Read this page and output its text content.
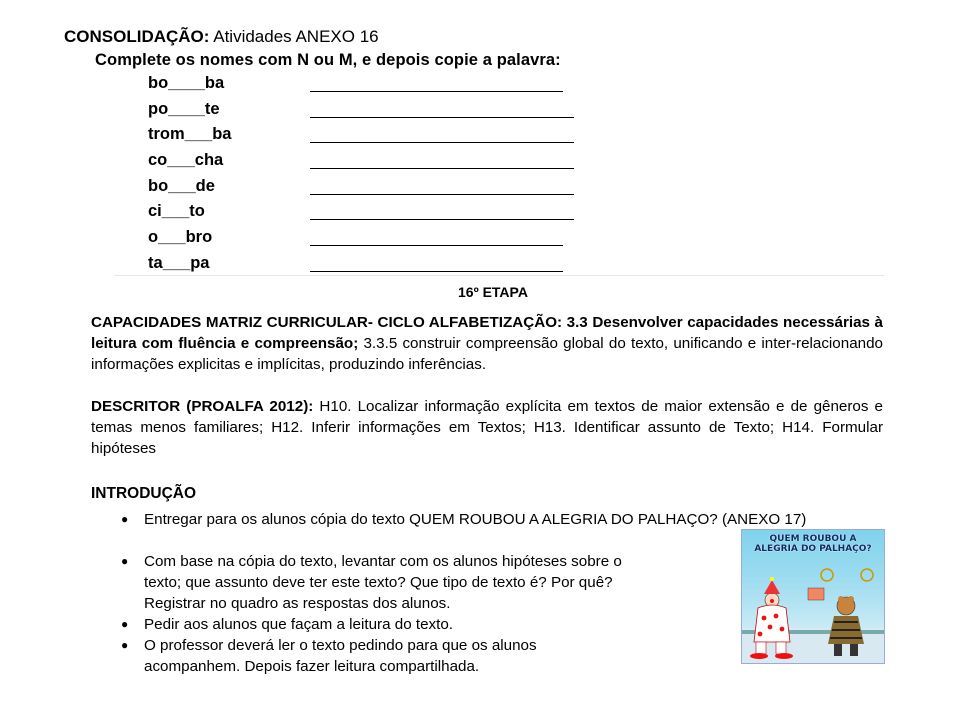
CONSOLIDAÇÃO: Atividades ANEXO 16
Complete os nomes com N ou M, e depois copie a palavra:
bo____ba
po____te
trom___ba
co___cha
bo___de
ci___to
o___bro
ta___pa
16º ETAPA
CAPACIDADES MATRIZ CURRICULAR- CICLO ALFABETIZAÇÃO: 3.3 Desenvolver capacidades necessárias à leitura com fluência e compreensão; 3.3.5 construir compreensão global do texto, unificando e inter-relacionando informações explicitas e implícitas, produzindo inferências.
DESCRITOR (PROALFA 2012): H10. Localizar informação explícita em textos de maior extensão e de gêneros e temas menos familiares; H12. Inferir informações em Textos; H13. Identificar assunto de Texto; H14. Formular hipóteses
INTRODUÇÃO
● Entregar para os alunos cópia do texto QUEM ROUBOU A ALEGRIA DO PALHAÇO? (ANEXO 17)
● Com base na cópia do texto, levantar com os alunos hipóteses sobre o
texto; que assunto deve ter este texto? Que tipo de texto é? Por quê?
Registrar no quadro as respostas dos alunos.
● Pedir aos alunos que façam a leitura do texto.
● O professor deverá ler o texto pedindo para que os alunos
acompanhem. Depois fazer leitura compartilhada.
QUEM ROUBOU A ALEGRIA DO PALHAÇO?
